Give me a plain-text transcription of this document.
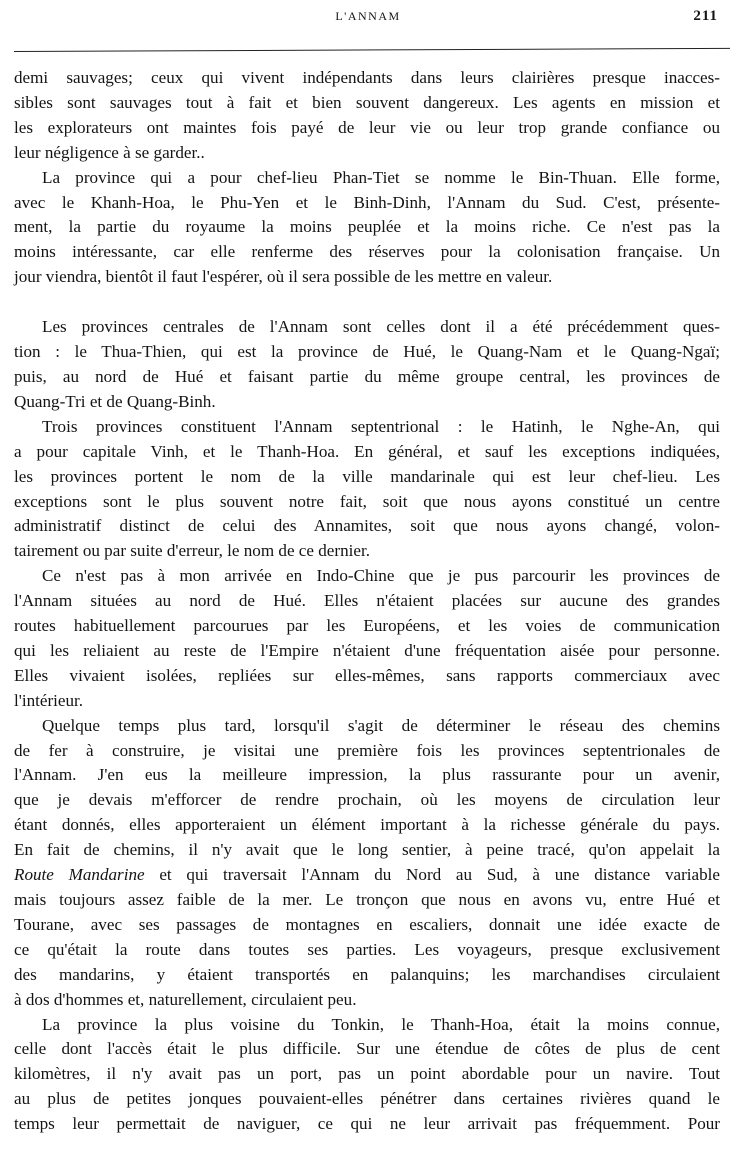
L'ANNAM	211

demi sauvages; ceux qui vivent indépendants dans leurs clairières presque inacces-
sibles sont sauvages tout à fait et bien souvent dangereux. Les agents en mission et
les explorateurs ont maintes fois payé de leur vie ou leur trop grande confiance ou
leur négligence à se garder..

La province qui a pour chef-lieu Phan-Tiet se nomme le Bin-Thuan. Elle forme,
avec le Khanh-Hoa, le Phu-Yen et le Binh-Dinh, l'Annam du Sud. C'est, présente-
ment, la partie du royaume la moins peuplée et la moins riche. Ce n'est pas la
moins intéressante, car elle renferme des réserves pour la colonisation française. Un
jour viendra, bientôt il faut l'espérer, où il sera possible de les mettre en valeur.

Les provinces centrales de l'Annam sont celles dont il a été précédemment ques-
tion : le Thua-Thien, qui est la province de Hué, le Quang-Nam et le Quang-Ngaï;
puis, au nord de Hué et faisant partie du même groupe central, les provinces de
Quang-Tri et de Quang-Binh.

Trois provinces constituent l'Annam septentrional : le Hatinh, le Nghe-An, qui
a pour capitale Vinh, et le Thanh-Hoa. En général, et sauf les exceptions indiquées,
les provinces portent le nom de la ville mandarinale qui est leur chef-lieu. Les
exceptions sont le plus souvent notre fait, soit que nous ayons constitué un centre
administratif distinct de celui des Annamites, soit que nous ayons changé, volon-
tairement ou par suite d'erreur, le nom de ce dernier.

Ce n'est pas à mon arrivée en Indo-Chine que je pus parcourir les provinces de
l'Annam situées au nord de Hué. Elles n'étaient placées sur aucune des grandes
routes habituellement parcourues par les Européens, et les voies de communication
qui les reliaient au reste de l'Empire n'étaient d'une fréquentation aisée pour personne.
Elles vivaient isolées, repliées sur elles-mêmes, sans rapports commerciaux avec
l'intérieur.

Quelque temps plus tard, lorsqu'il s'agit de déterminer le réseau des chemins
de fer à construire, je visitai une première fois les provinces septentrionales de
l'Annam. J'en eus la meilleure impression, la plus rassurante pour un avenir,
que je devais m'efforcer de rendre prochain, où les moyens de circulation leur
étant donnés, elles apporteraient un élément important à la richesse générale du pays.
En fait de chemins, il n'y avait que le long sentier, à peine tracé, qu'on appelait la
Route Mandarine et qui traversait l'Annam du Nord au Sud, à une distance variable
mais toujours assez faible de la mer. Le tronçon que nous en avons vu, entre Hué et
Tourane, avec ses passages de montagnes en escaliers, donnait une idée exacte de
ce qu'était la route dans toutes ses parties. Les voyageurs, presque exclusivement
des mandarins, y étaient transportés en palanquins; les marchandises circulaient
à dos d'hommes et, naturellement, circulaient peu.

La province la plus voisine du Tonkin, le Thanh-Hoa, était la moins connue,
celle dont l'accès était le plus difficile. Sur une étendue de côtes de plus de cent
kilomètres, il n'y avait pas un port, pas un point abordable pour un navire. Tout
au plus de petites jonques pouvaient-elles pénétrer dans certaines rivières quand le
temps leur permettait de naviguer, ce qui ne leur arrivait pas fréquemment. Pour
